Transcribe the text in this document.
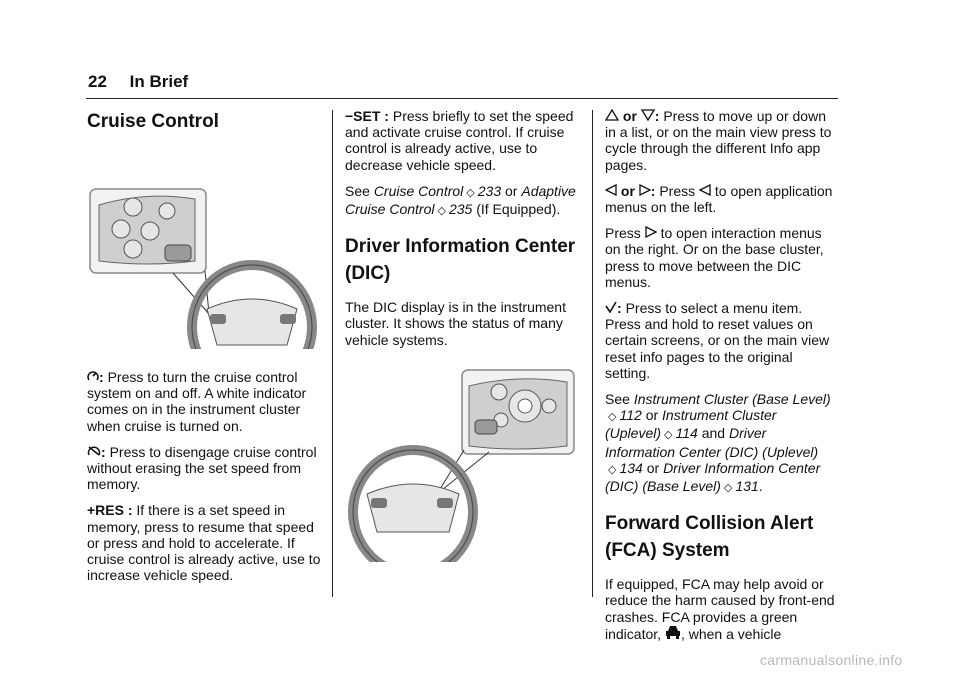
22 In Brief
Cruise Control

: Press to turn the cruise control system on and off. A white indicator comes on in the instrument cluster when cruise is turned on.

: Press to disengage cruise control without erasing the set speed from memory.

+RES : If there is a set speed in memory, press to resume that speed or press and hold to accelerate. If cruise control is already active, use to increase vehicle speed.

−SET : Press briefly to set the speed and activate cruise control. If cruise control is already active, use to decrease vehicle speed.

See Cruise Control ◇ 233 or Adaptive Cruise Control ◇ 235 (If Equipped).

Driver Information Center (DIC)

The DIC display is in the instrument cluster. It shows the status of many vehicle systems.

or : Press to move up or down in a list, or on the main view press to cycle through the different Info app pages.

or : Press to open application menus on the left.

Press to open interaction menus on the right. Or on the base cluster, press to move between the DIC menus.

: Press to select a menu item. Press and hold to reset values on certain screens, or on the main view reset info pages to the original setting.

See Instrument Cluster (Base Level) ◇ 112 or Instrument Cluster (Uplevel) ◇ 114 and Driver Information Center (DIC) (Uplevel) ◇ 134 or Driver Information Center (DIC) (Base Level) ◇ 131.

Forward Collision Alert (FCA) System

If equipped, FCA may help avoid or reduce the harm caused by front-end crashes. FCA provides a green indicator, , when a vehicle

carmanualsonline.info
